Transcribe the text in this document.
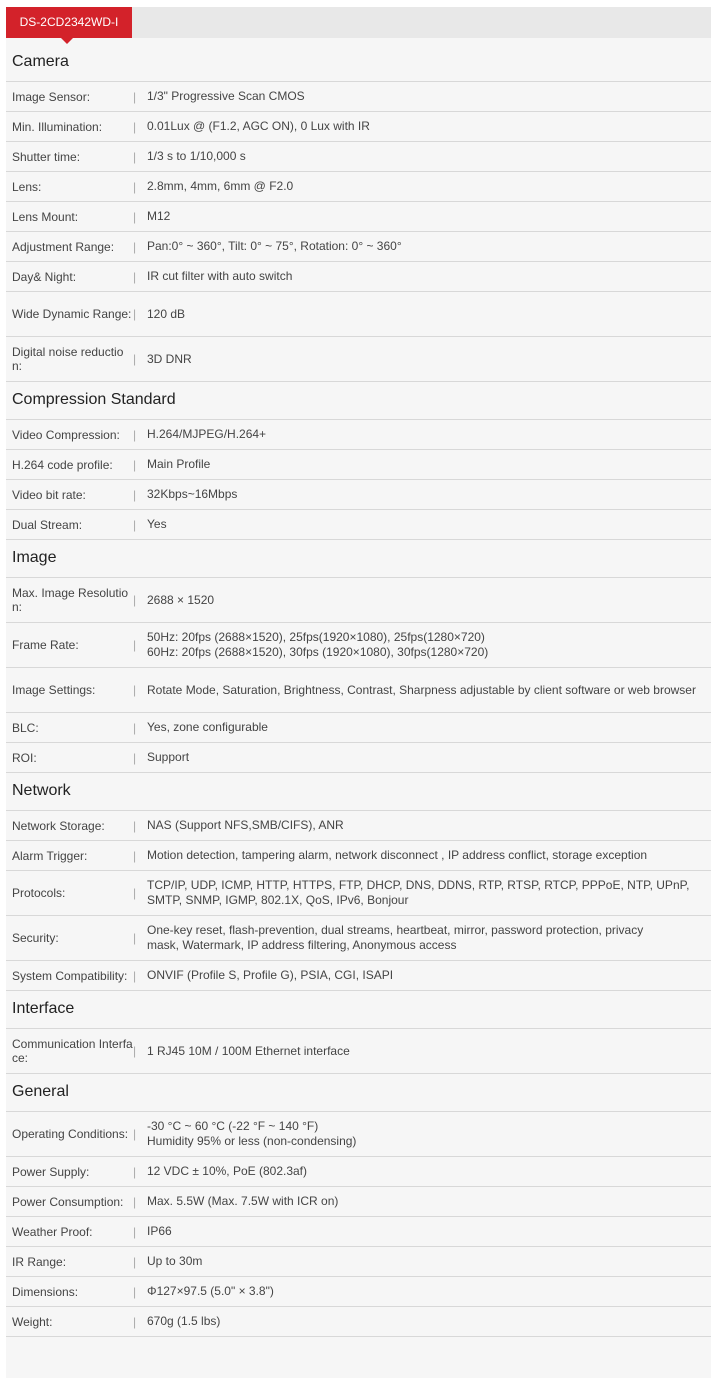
DS-2CD2342WD-I
Camera
Image Sensor:	| 1/3" Progressive Scan CMOS
Min. Illumination:	| 0.01Lux @ (F1.2, AGC ON), 0 Lux with IR
Shutter time:	| 1/3 s to 1/10,000 s
Lens:	| 2.8mm, 4mm, 6mm @ F2.0
Lens Mount:	| M12
Adjustment Range:	| Pan:0° ~ 360°, Tilt: 0° ~ 75°, Rotation: 0° ~ 360°
Day& Night:	| IR cut filter with auto switch
Wide Dynamic Range: | 120 dB
Digital noise reduction:	| 3D DNR
Compression Standard
Video Compression:	| H.264/MJPEG/H.264+
H.264 code profile:	| Main Profile
Video bit rate:	| 32Kbps~16Mbps
Dual Stream:	| Yes
Image
Max. Image Resolution:	| 2688 × 1520
Frame Rate:	|
50Hz: 20fps (2688×1520), 25fps(1920×1080), 25fps(1280×720)
60Hz: 20fps (2688×1520), 30fps (1920×1080), 30fps(1280×720)
Image Settings:	| Rotate Mode, Saturation, Brightness, Contrast, Sharpness adjustable by client software or web browser
BLC:	| Yes, zone configurable
ROI:	| Support
Network
Network Storage:	| NAS (Support NFS,SMB/CIFS), ANR
Alarm Trigger:	| Motion detection, tampering alarm, network disconnect , IP address conflict, storage exception
Protocols:	|
TCP/IP, UDP, ICMP, HTTP, HTTPS, FTP, DHCP, DNS, DDNS, RTP, RTSP, RTCP, PPPoE, NTP, UPnP,
SMTP, SNMP, IGMP, 802.1X, QoS, IPv6, Bonjour
Security:	|
One-key reset, flash-prevention, dual streams, heartbeat, mirror, password protection, privacy
mask, Watermark, IP address filtering, Anonymous access
System Compatibility: | ONVIF (Profile S, Profile G), PSIA, CGI, ISAPI
Interface
Communication Interface:	| 1 RJ45 10M / 100M Ethernet interface
General
Operating Conditions: |
-30 °C ~ 60 °C (-22 °F ~ 140 °F)
Humidity 95% or less (non-condensing)
Power Supply:	| 12 VDC ± 10%, PoE (802.3af)
Power Consumption: | Max. 5.5W (Max. 7.5W with ICR on)
Weather Proof:	| IP66
IR Range:	| Up to 30m
Dimensions:	| Φ127×97.5 (5.0" × 3.8")
Weight:	| 670g (1.5 lbs)
